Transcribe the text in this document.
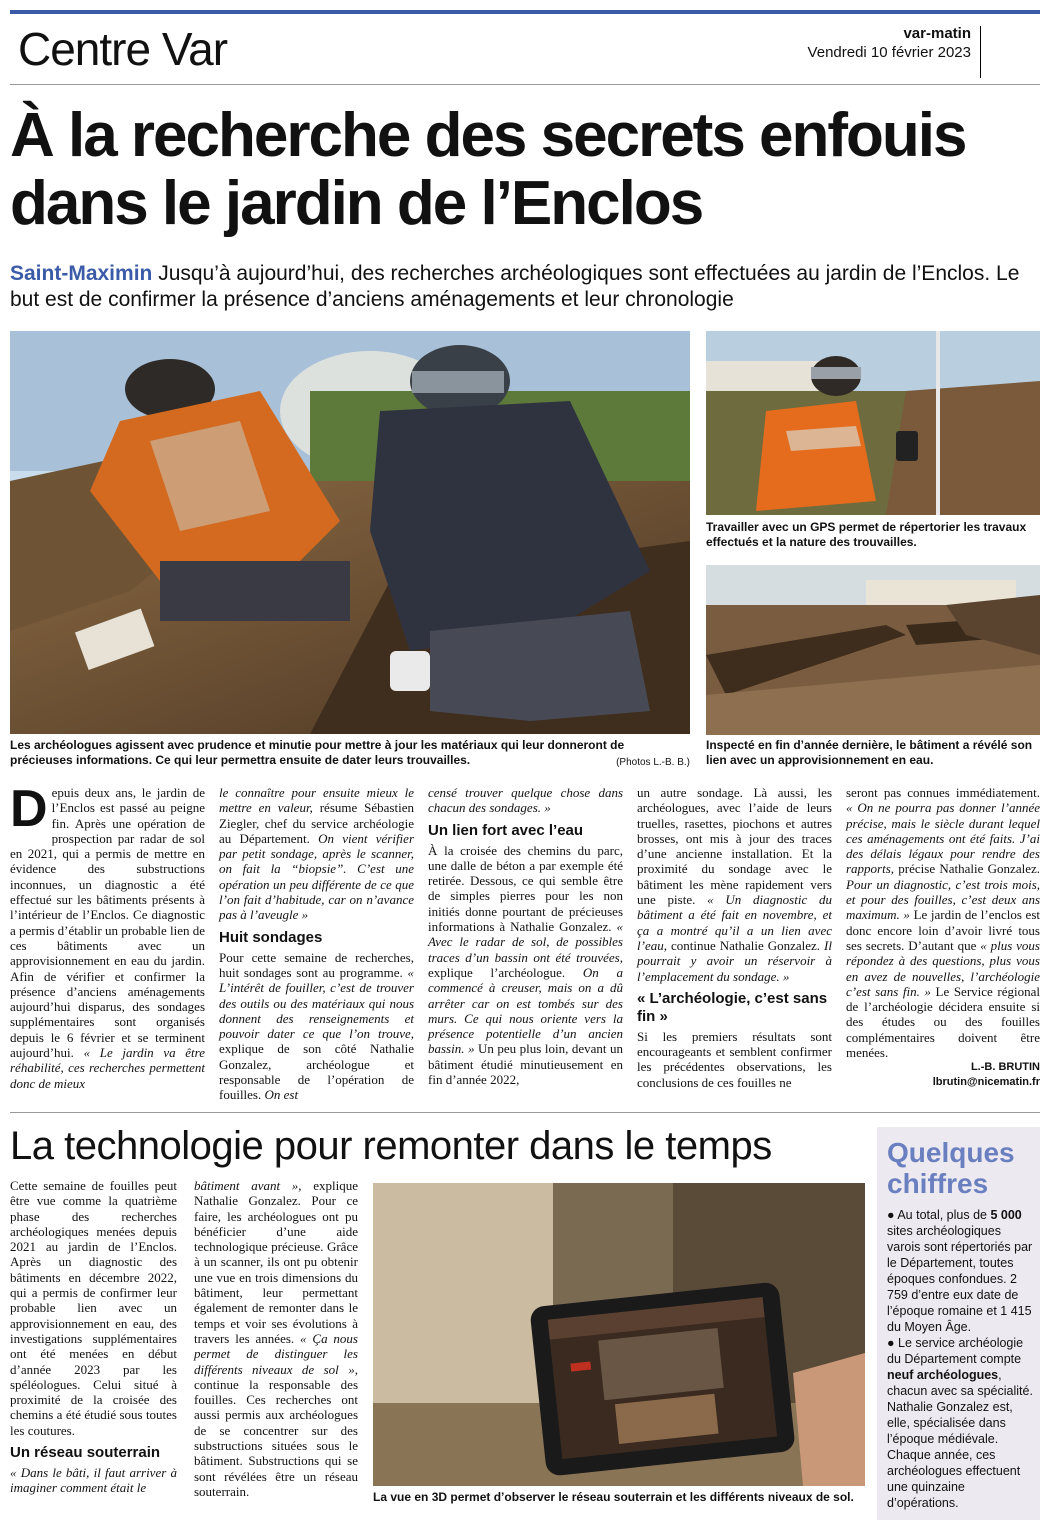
Centre Var	var-matin
Vendredi 10 février 2023
À la recherche des secrets enfouis dans le jardin de l’Enclos
Saint-Maximin Jusqu’à aujourd’hui, des recherches archéologiques sont effectuées au jardin de l’Enclos. Le but est de confirmer la présence d’anciens aménagements et leur chronologie
Les archéologues agissent avec prudence et minutie pour mettre à jour les matériaux qui leur donneront de précieuses informations. Ce qui leur permettra ensuite de dater leurs trouvailles.	(Photos L.-B. B.)
Travailler avec un GPS permet de répertorier les travaux effectués et la nature des trouvailles.
Inspecté en fin d’année dernière, le bâtiment a révélé son lien avec un approvisionnement en eau.

Depuis deux ans, le jardin de l’Enclos est passé au peigne fin. Après une opération de prospection par radar de sol en 2021, qui a permis de mettre en évidence des substructions inconnues, un diagnostic a été effectué sur les bâtiments présents à l’intérieur de l’Enclos. Ce diagnostic a permis d’établir un probable lien de ces bâtiments avec un approvisionnement en eau du jardin. Afin de vérifier et confirmer la présence d’anciens aménagements aujourd’hui disparus, des sondages supplémentaires sont organisés depuis le 6 février et se terminent aujourd’hui. « Le jardin va être réhabilité, ces recherches permettent donc de mieux

le connaître pour ensuite mieux le mettre en valeur, résume Sébastien Ziegler, chef du service archéologie au Département. On vient vérifier par petit sondage, après le scanner, on fait la “biopsie”. C’est une opération un peu différente de ce que l’on fait d’habitude, car on n’avance pas à l’aveugle »

Huit sondages

Pour cette semaine de recherches, huit sondages sont au programme. « L’intérêt de fouiller, c’est de trouver des outils ou des matériaux qui nous donnent des renseignements et pouvoir dater ce que l’on trouve, explique de son côté Nathalie Gonzalez, archéologue et responsable de l’opération de fouilles. On est

censé trouver quelque chose dans chacun des sondages. »

Un lien fort avec l’eau

À la croisée des chemins du parc, une dalle de béton a par exemple été retirée. Dessous, ce qui semble être de simples pierres pour les non initiés donne pourtant de précieuses informations à Nathalie Gonzalez. « Avec le radar de sol, de possibles traces d’un bassin ont été trouvées, explique l’archéologue. On a commencé à creuser, mais on a dû arrêter car on est tombés sur des murs. Ce qui nous oriente vers la présence potentielle d’un ancien bassin. » Un peu plus loin, devant un bâtiment étudié minutieusement en fin d’année 2022,

un autre sondage. Là aussi, les archéologues, avec l’aide de leurs truelles, rasettes, piochons et autres brosses, ont mis à jour des traces d’une ancienne installation. Et la proximité du sondage avec le bâtiment les mène rapidement vers une piste. « Un diagnostic du bâtiment a été fait en novembre, et ça a montré qu’il a un lien avec l’eau, continue Nathalie Gonzalez. Il pourrait y avoir un réservoir à l’emplacement du sondage. »

« L’archéologie, c’est sans fin »

Si les premiers résultats sont encourageants et semblent confirmer les précédentes observations, les conclusions de ces fouilles ne

seront pas connues immédiatement. « On ne pourra pas donner l’année précise, mais le siècle durant lequel ces aménagements ont été faits. J’ai des délais légaux pour rendre des rapports, précise Nathalie Gonzalez. Pour un diagnostic, c’est trois mois, et pour des fouilles, c’est deux ans maximum. » Le jardin de l’enclos est donc encore loin d’avoir livré tous ses secrets. D’autant que « plus vous répondez à des questions, plus vous en avez de nouvelles, l’archéologie c’est sans fin. » Le Service régional de l’archéologie décidera ensuite si des études ou des fouilles complémentaires doivent être menées.

L.-B. BRUTIN
lbrutin@nicematin.fr
La technologie pour remonter dans le temps

Cette semaine de fouilles peut être vue comme la quatrième phase des recherches archéologiques menées depuis 2021 au jardin de l’Enclos. Après un diagnostic des bâtiments en décembre 2022, qui a permis de confirmer leur probable lien avec un approvisionnement en eau, des investigations supplémentaires ont été menées en début d’année 2023 par les spéléologues. Celui situé à proximité de la croisée des chemins a été étudié sous toutes les coutures.

Un réseau souterrain

« Dans le bâti, il faut arriver à imaginer comment était le

bâtiment avant », explique Nathalie Gonzalez. Pour ce faire, les archéologues ont pu bénéficier d’une aide technologique précieuse. Grâce à un scanner, ils ont pu obtenir une vue en trois dimensions du bâtiment, leur permettant également de remonter dans le temps et voir ses évolutions à travers les années. « Ça nous permet de distinguer les différents niveaux de sol », continue la responsable des fouilles. Ces recherches ont aussi permis aux archéologues de se concentrer sur des substructions situées sous le bâtiment. Substructions qui se sont révélées être un réseau souterrain.	La vue en 3D permet d’observer le réseau souterrain et les différents niveaux de sol.
Quelques chiffres

● Au total, plus de 5 000 sites archéologiques varois sont répertoriés par le Département, toutes époques confondues. 2 759 d’entre eux date de l’époque romaine et 1 415 du Moyen Âge.

● Le service archéologie du Département compte neuf archéologues, chacun avec sa spécialité. Nathalie Gonzalez est, elle, spécialisée dans l’époque médiévale. Chaque année, ces archéologues effectuent une quinzaine d’opérations.
